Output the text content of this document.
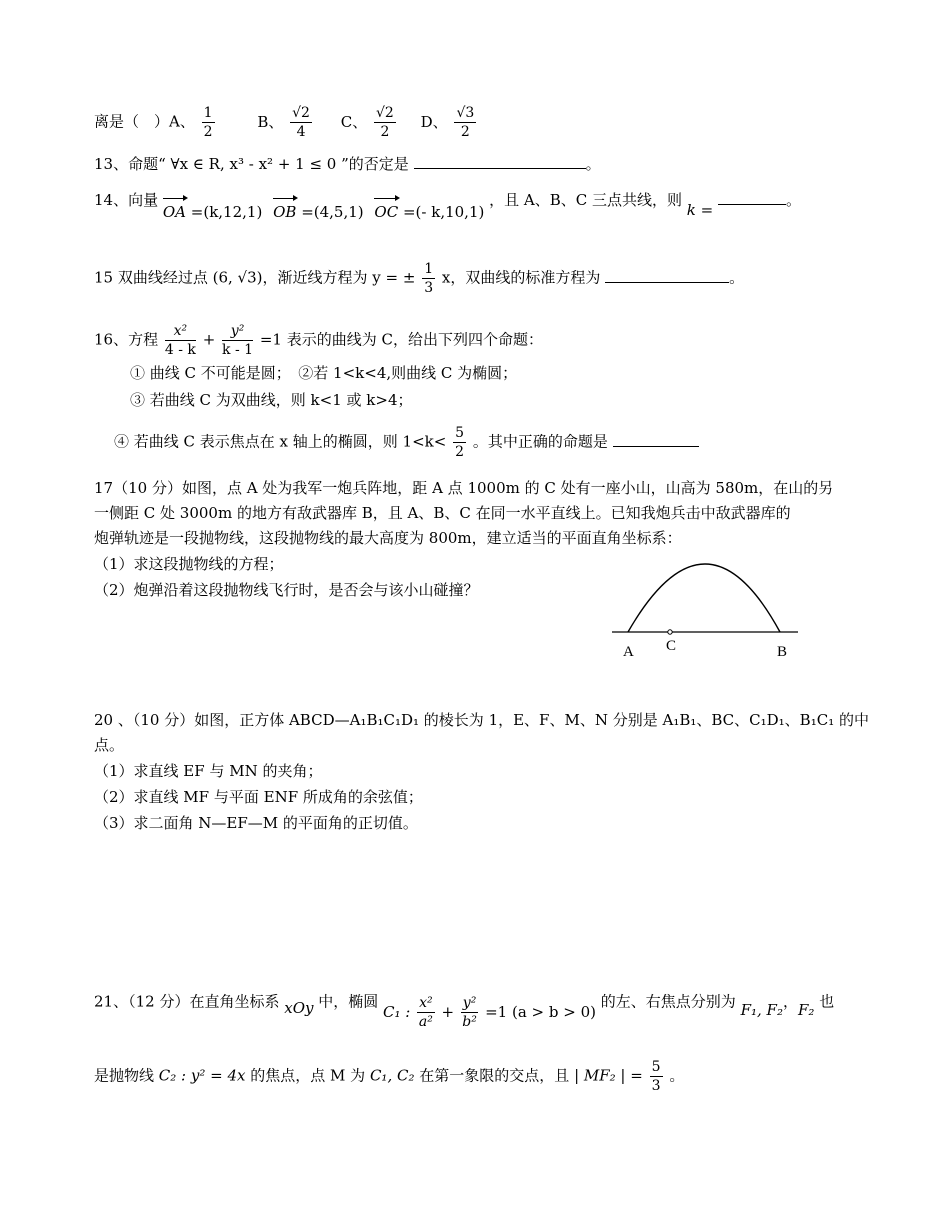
离是（　）A、 $\frac{1}{2}$	B、 $\frac{√2}{4}$ C、 $\frac{√2}{2}$ D、 $\frac{√3}{2}$
13、命题“ ∀x ∈ R, x³ - x² + 1 ≤ 0 ”的否定是	。
14、向量 OA =(k,12,1) OB =(4,5,1) OC =(- k,10,1) ，且 A、B、C 三点共线，则 k = 。
15 双曲线经过点 (6, √3)，渐近线方程为 y = ± $\frac{1}{3}$ x，双曲线的标准方程为	。
16、方程 $\frac{\text{x²}}{4 - k} + \frac{\text{y²}}{k - 1} =1$ 表示的曲线为 C，给出下列四个命题：
① 曲线 C 不可能是圆；　②若 1<k<4,则曲线 C 为椭圆；
③ 若曲线 C 为双曲线，则 k<1 或 k>4；
④ 若曲线 C 表示焦点在 x 轴上的椭圆，则 $1<k< \frac{5}{2}$ 。其中正确的命题是
17（10 分）如图，点 A 处为我军一炮兵阵地，距 A 点 1000m 的 C 处有一座小山，山高为 580m，在山的另
一侧距 C 处 3000m 的地方有敌武器库 B，且 A、B、C 在同一水平直线上。已知我炮兵击中敌武器库的
炮弹轨迹是一段抛物线，这段抛物线的最大高度为 800m，建立适当的平面直角坐标系：
（1）求这段抛物线的方程；
（2）炮弹沿着这段抛物线飞行时，是否会与该小山碰撞？
A C	B
20 、（10 分）如图，正方体 ABCD—A₁B₁C₁D₁ 的棱长为 1，E、F、M、N 分别是 A₁B₁、BC、C₁D₁、B₁C₁ 的中
点。
（1）求直线 EF 与 MN 的夹角；
（2）求直线 MF 与平面 ENF 所成角的余弦值；
（3）求二面角 N—EF—M 的平面角的正切值。
21、（12 分）在直角坐标系 xOy 中，椭圆 C₁ : $\frac{\text{x²}}{\text{a²}} + \frac{\text{y²}}{\text{b²}} =1$ (a > b > 0) 的左、右焦点分别为 F₁, F₂，F₂ 也
是抛物线 C₂ : y² = 4x 的焦点，点 M 为 C₁, C₂ 在第一象限的交点，且 | MF₂ | = $\frac{5}{3}$ 。
